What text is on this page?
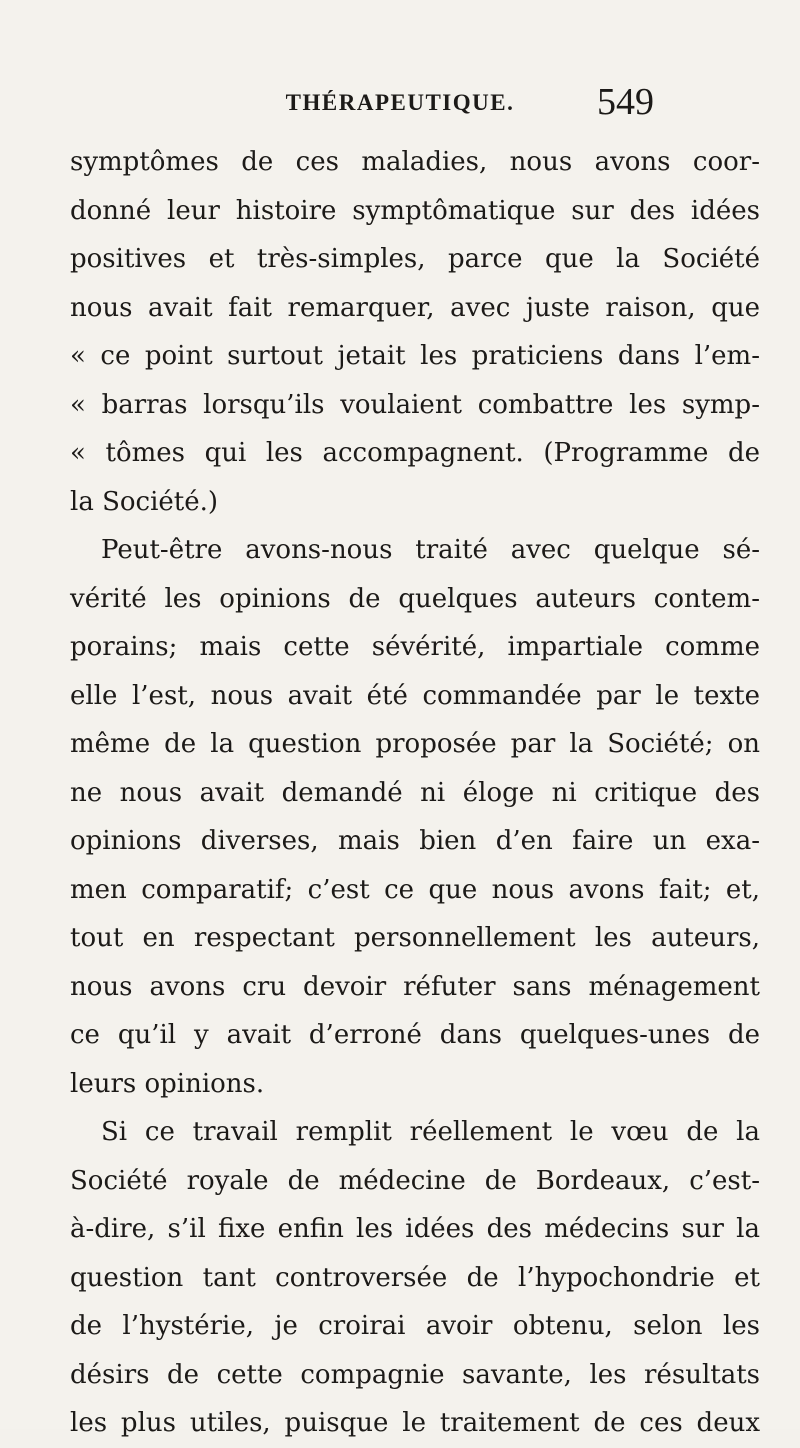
THÉRAPEUTIQUE.	549
symptômes de ces maladies, nous avons coor-
donné leur histoire symptômatique sur des idées
positives et très-simples, parce que la Société
nous avait fait remarquer, avec juste raison, que
« ce point surtout jetait les praticiens dans l’em-
« barras lorsqu’ils voulaient combattre les symp-
« tômes qui les accompagnent. (Programme de
la Société.)
Peut-être avons-nous traité avec quelque sé-
vérité les opinions de quelques auteurs contem-
porains; mais cette sévérité, impartiale comme
elle l’est, nous avait été commandée par le texte
même de la question proposée par la Société; on
ne nous avait demandé ni éloge ni critique des
opinions diverses, mais bien d’en faire un exa-
men comparatif; c’est ce que nous avons fait; et,
tout en respectant personnellement les auteurs,
nous avons cru devoir réfuter sans ménagement
ce qu’il y avait d’erroné dans quelques-unes de
leurs opinions.
Si ce travail remplit réellement le vœu de la
Société royale de médecine de Bordeaux, c’est-
à-dire, s’il fixe enfin les idées des médecins sur la
question tant controversée de l’hypochondrie et
de l’hystérie, je croirai avoir obtenu, selon les
désirs de cette compagnie savante, les résultats
les plus utiles, puisque le traitement de ces deux
